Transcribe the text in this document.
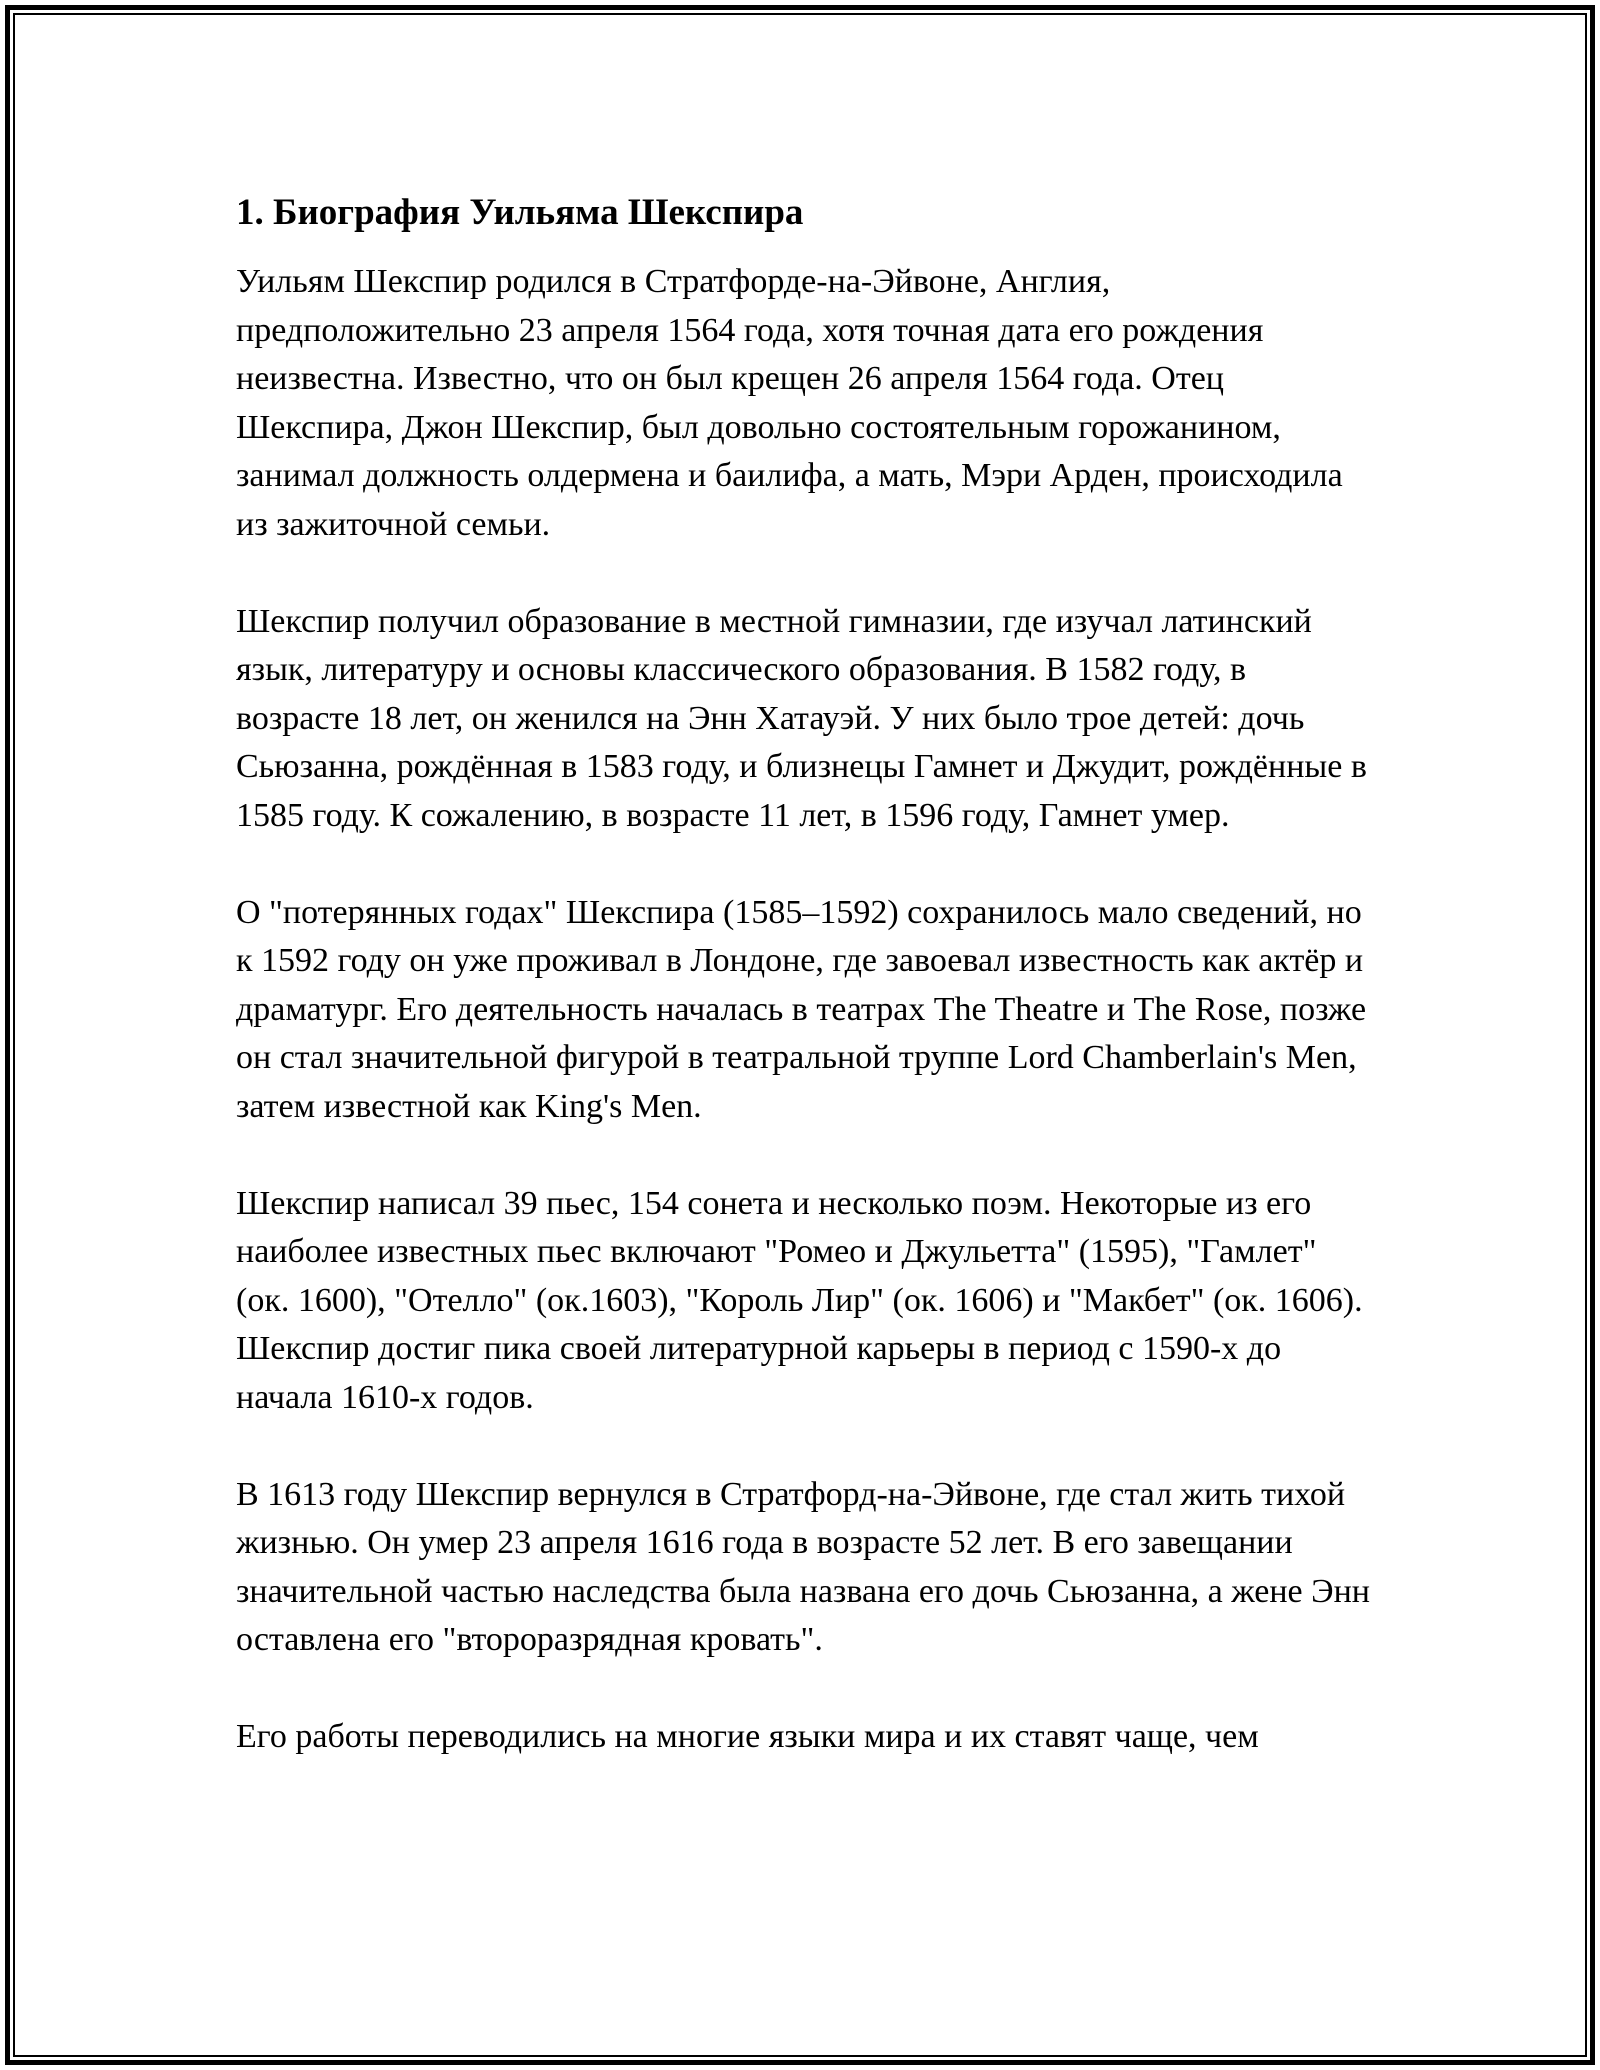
1. Биография Уильяма Шекспира

Уильям Шекспир родился в Стратфорде-на-Эйвоне, Англия, предположительно 23 апреля 1564 года, хотя точная дата его рождения неизвестна. Известно, что он был крещен 26 апреля 1564 года. Отец Шекспира, Джон Шекспир, был довольно состоятельным горожанином, занимал должность олдермена и баилифа, а мать, Мэри Арден, происходила из зажиточной семьи.

Шекспир получил образование в местной гимназии, где изучал латинский язык, литературу и основы классического образования. В 1582 году, в возрасте 18 лет, он женился на Энн Хатауэй. У них было трое детей: дочь Сьюзанна, рождённая в 1583 году, и близнецы Гамнет и Джудит, рождённые в 1585 году. К сожалению, в возрасте 11 лет, в 1596 году, Гамнет умер.

О "потерянных годах" Шекспира (1585–1592) сохранилось мало сведений, но к 1592 году он уже проживал в Лондоне, где завоевал известность как актёр и драматург. Его деятельность началась в театрах The Theatre и The Rose, позже он стал значительной фигурой в театральной труппе Lord Chamberlain's Men, затем известной как King's Men.

Шекспир написал 39 пьес, 154 сонета и несколько поэм. Некоторые из его наиболее известных пьес включают "Ромео и Джульетта" (1595), "Гамлет" (ок. 1600), "Отелло" (ок.1603), "Король Лир" (ок. 1606) и "Макбет" (ок. 1606). Шекспир достиг пика своей литературной карьеры в период с 1590-х до начала 1610-х годов.

В 1613 году Шекспир вернулся в Стратфорд-на-Эйвоне, где стал жить тихой жизнью. Он умер 23 апреля 1616 года в возрасте 52 лет. В его завещании значительной частью наследства была названа его дочь Сьюзанна, а жене Энн оставлена его "второразрядная кровать".

Его работы переводились на многие языки мира и их ставят чаще, чем
